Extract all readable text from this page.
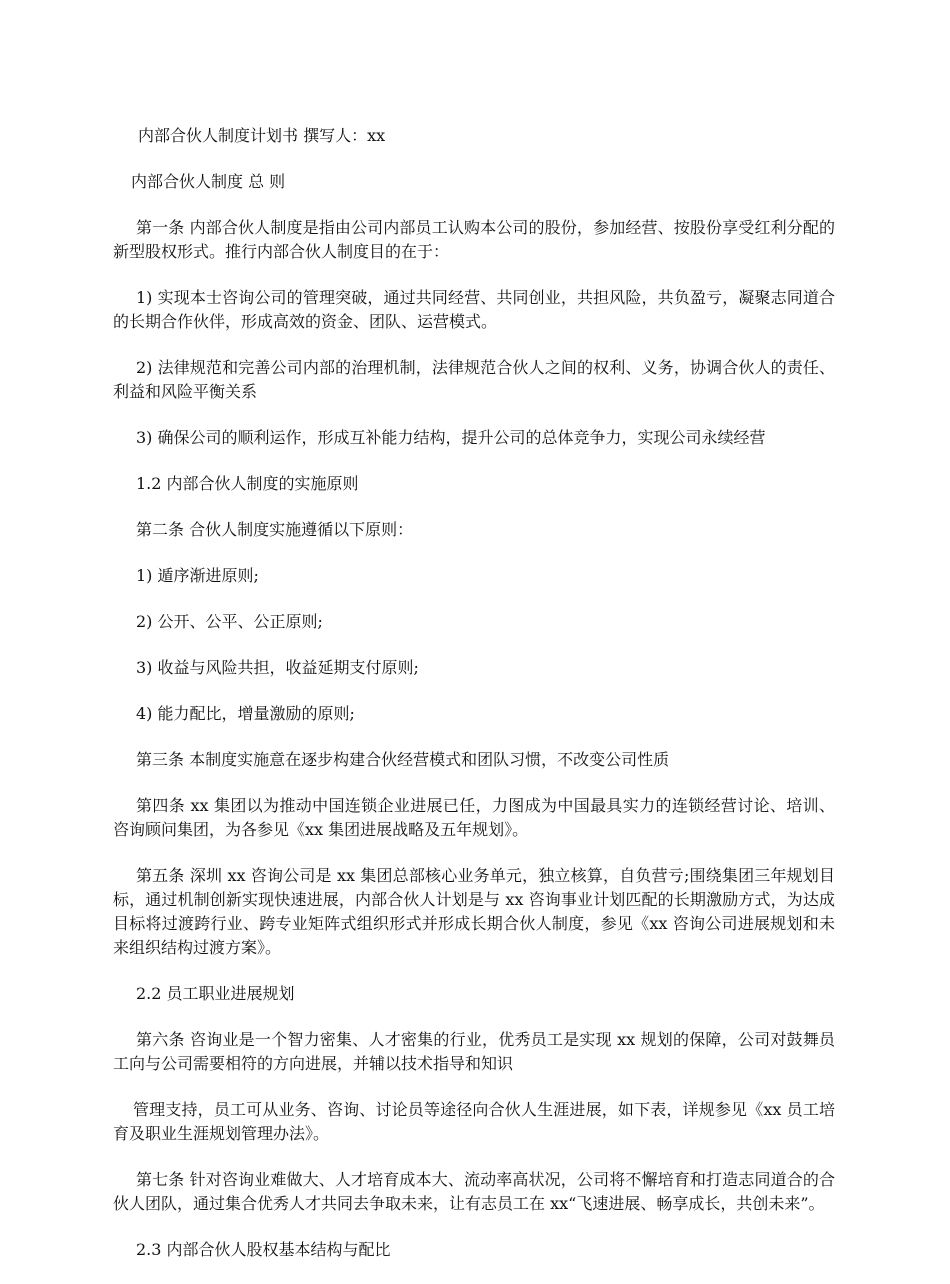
内部合伙人制度计划书 撰写人：xx

内部合伙人制度 总 则

第一条 内部合伙人制度是指由公司内部员工认购本公司的股份，参加经营、按股份享受红利分配的新型股权形式。推行内部合伙人制度目的在于：

1) 实现本士咨询公司的管理突破，通过共同经营、共同创业，共担风险，共负盈亏，凝聚志同道合的长期合作伙伴，形成高效的资金、团队、运营模式。

2) 法律规范和完善公司内部的治理机制，法律规范合伙人之间的权利、义务，协调合伙人的责任、利益和风险平衡关系

3) 确保公司的顺利运作，形成互补能力结构，提升公司的总体竞争力，实现公司永续经营

1.2 内部合伙人制度的实施原则

第二条 合伙人制度实施遵循以下原则：

1) 遁序渐进原则;

2) 公开、公平、公正原则;

3) 收益与风险共担，收益延期支付原则;

4) 能力配比，增量激励的原则;

第三条 本制度实施意在逐步构建合伙经营模式和团队习惯，不改变公司性质

第四条 xx 集团以为推动中国连锁企业进展已任，力图成为中国最具实力的连锁经营讨论、培训、咨询顾问集团，为各参见《xx 集团进展战略及五年规划》。

第五条 深圳 xx 咨询公司是 xx 集团总部核心业务单元，独立核算，自负营亏;围绕集团三年规划目标，通过机制创新实现快速进展，内部合伙人计划是与 xx 咨询事业计划匹配的长期激励方式，为达成目标将过渡跨行业、跨专业矩阵式组织形式并形成长期合伙人制度，参见《xx 咨询公司进展规划和未来组织结构过渡方案》。

2.2 员工职业进展规划

第六条 咨询业是一个智力密集、人才密集的行业，优秀员工是实现 xx 规划的保障，公司对鼓舞员工向与公司需要相符的方向进展，并辅以技术指导和知识

管理支持，员工可从业务、咨询、讨论员等途径向合伙人生涯进展，如下表，详规参见《xx 员工培育及职业生涯规划管理办法》。

第七条 针对咨询业难做大、人才培育成本大、流动率高状况，公司将不懈培育和打造志同道合的合伙人团队，通过集合优秀人才共同去争取未来，让有志员工在 xx“飞速进展、畅享成长，共创未来”。

2.3 内部合伙人股权基本结构与配比
